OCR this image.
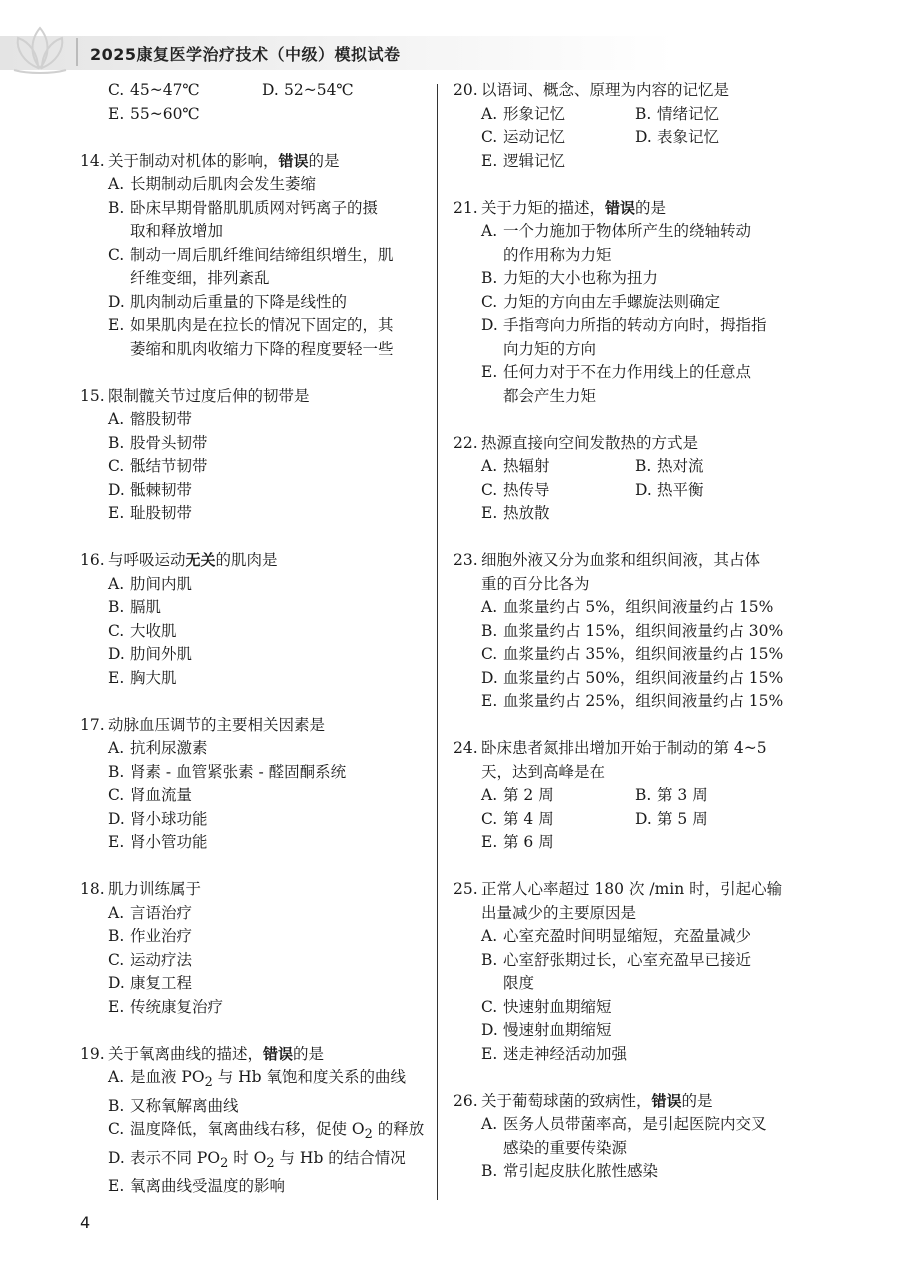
2025康复医学治疗技术（中级）模拟试卷
C. 45~47℃	D. 52~54℃
E. 55~60℃
14. 关于制动对机体的影响，错误的是
A. 长期制动后肌肉会发生萎缩
B. 卧床早期骨骼肌肌质网对钙离子的摄
取和释放增加
C. 制动一周后肌纤维间结缔组织增生，肌
纤维变细，排列紊乱
D. 肌肉制动后重量的下降是线性的
E. 如果肌肉是在拉长的情况下固定的，其
萎缩和肌肉收缩力下降的程度要轻一些
15. 限制髋关节过度后伸的韧带是
A. 髂股韧带
B. 股骨头韧带
C. 骶结节韧带
D. 骶棘韧带
E. 耻股韧带
16. 与呼吸运动无关的肌肉是
A. 肋间内肌
B. 膈肌
C. 大收肌
D. 肋间外肌
E. 胸大肌
17. 动脉血压调节的主要相关因素是
A. 抗利尿激素
B. 肾素 - 血管紧张素 - 醛固酮系统
C. 肾血流量
D. 肾小球功能
E. 肾小管功能
18. 肌力训练属于
A. 言语治疗
B. 作业治疗
C. 运动疗法
D. 康复工程
E. 传统康复治疗
19. 关于氧离曲线的描述，错误的是
A. 是血液 $PO_2$ 与 Hb 氧饱和度关系的曲线
B. 又称氧解离曲线
C. 温度降低，氧离曲线右移，促使 $O_2$ 的释放
D. 表示不同 $PO_2$ 时 $O_2$ 与 Hb 的结合情况
E. 氧离曲线受温度的影响
20. 以语词、概念、原理为内容的记忆是
A. 形象记忆	B. 情绪记忆
C. 运动记忆	D. 表象记忆
E. 逻辑记忆
21. 关于力矩的描述，错误的是
A. 一个力施加于物体所产生的绕轴转动
的作用称为力矩
B. 力矩的大小也称为扭力
C. 力矩的方向由左手螺旋法则确定
D. 手指弯向力所指的转动方向时，拇指指
向力矩的方向
E. 任何力对于不在力作用线上的任意点
都会产生力矩
22. 热源直接向空间发散热的方式是
A. 热辐射	B. 热对流
C. 热传导	D. 热平衡
E. 热放散
23. 细胞外液又分为血浆和组织间液，其占体
重的百分比各为
A. 血浆量约占 5%，组织间液量约占 15%
B. 血浆量约占 15%，组织间液量约占 30%
C. 血浆量约占 35%，组织间液量约占 15%
D. 血浆量约占 50%，组织间液量约占 15%
E. 血浆量约占 25%，组织间液量约占 15%
24. 卧床患者氮排出增加开始于制动的第 4~5
天，达到高峰是在
A. 第 2 周	B. 第 3 周
C. 第 4 周	D. 第 5 周
E. 第 6 周
25. 正常人心率超过 180 次 /min 时，引起心输
出量减少的主要原因是
A. 心室充盈时间明显缩短，充盈量减少
B. 心室舒张期过长，心室充盈早已接近
限度
C. 快速射血期缩短
D. 慢速射血期缩短
E. 迷走神经活动加强
26. 关于葡萄球菌的致病性，错误的是
A. 医务人员带菌率高，是引起医院内交叉
感染的重要传染源
B. 常引起皮肤化脓性感染
4
